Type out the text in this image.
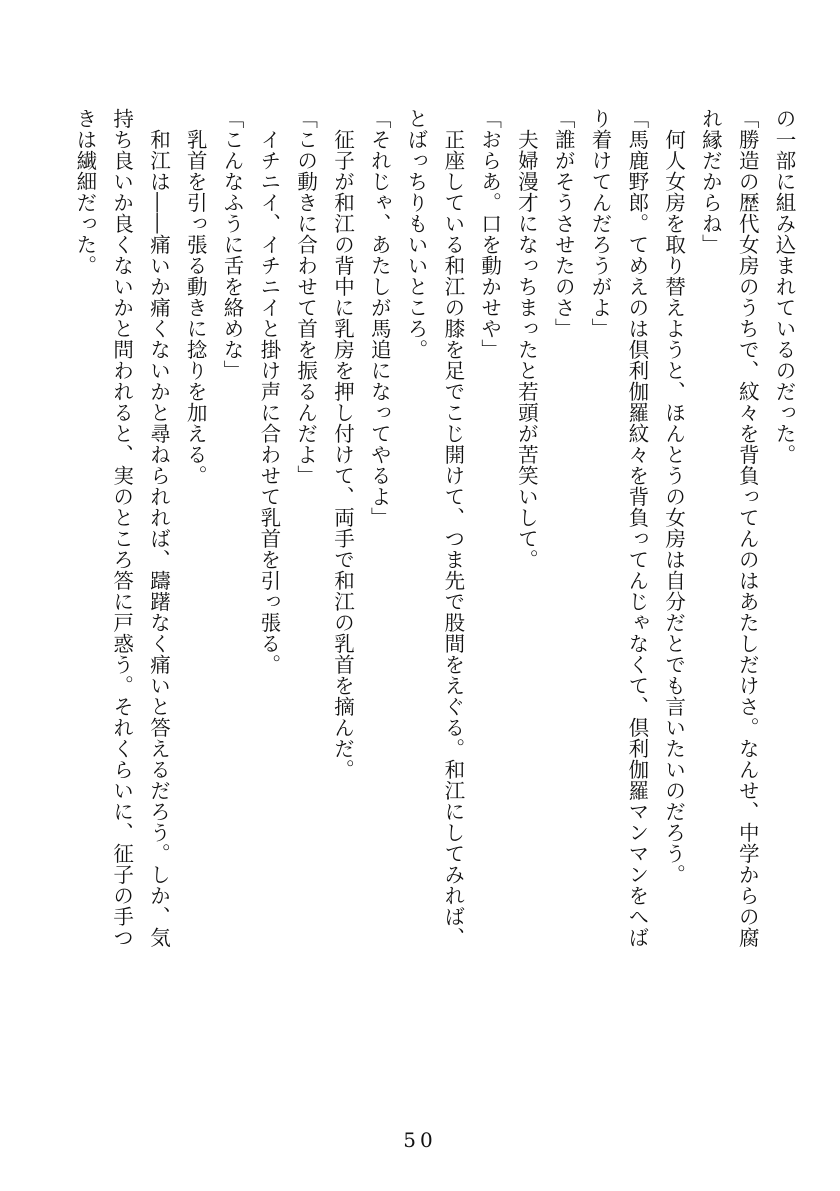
の一部に組み込まれているのだった。
「勝造の歴代女房のうちで、紋々を背負ってんのはあたしだけさ。なんせ、中学からの腐
れ縁だからね」
　何人女房を取り替えようと、ほんとうの女房は自分だとでも言いたいのだろう。
「馬鹿野郎。てめえのは倶利伽羅紋々を背負ってんじゃなくて、倶利伽羅マンマンをへば
り着けてんだろうがよ」
「誰がそうさせたのさ」
　夫婦漫才になっちまったと若頭が苦笑いして。
「おらあ。口を動かせや」
　正座している和江の膝を足でこじ開けて、つま先で股間をえぐる。和江にしてみれば、
とばっちりもいいところ。
「それじゃ、あたしが馬追になってやるよ」
　征子が和江の背中に乳房を押し付けて、両手で和江の乳首を摘んだ。
「この動きに合わせて首を振るんだよ」
　イチニイ、イチニイと掛け声に合わせて乳首を引っ張る。
「こんなふうに舌を絡めな」
　乳首を引っ張る動きに捻りを加える。
　和江は――痛いか痛くないかと尋ねられれば、躊躇なく痛いと答えるだろう。しか、気
持ち良いか良くないかと問われると、実のところ答に戸惑う。それくらいに、征子の手つ
きは繊細だった。
50
